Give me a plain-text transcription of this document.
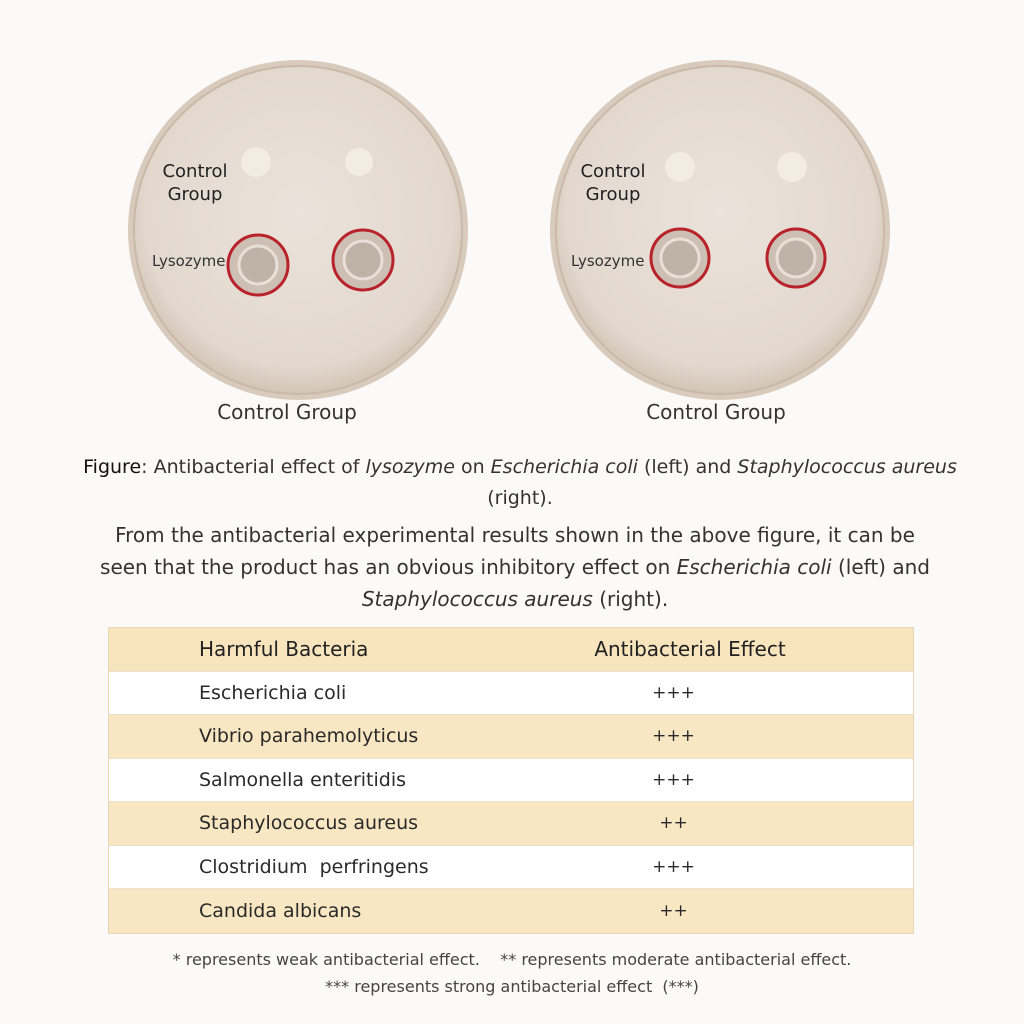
Control
Group
Lysozyme
Control Group
Control
Group
Lysozyme
Control Group
Figure: Antibacterial effect of lysozyme on Escherichia coli (left) and Staphylococcus aureus (right).
From the antibacterial experimental results shown in the above figure, it can be seen that the product has an obvious inhibitory effect on Escherichia coli (left) and Staphylococcus aureus (right).
Harmful Bacteria	Antibacterial Effect
Escherichia coli	+++
Vibrio parahemolyticus	+++
Salmonella enteritidis	+++
Staphylococcus aureus	++
Clostridium  perfringens	+++
Candida albicans	++
* represents weak antibacterial effect.    ** represents moderate antibacterial effect.
*** represents strong antibacterial effect  (***)
